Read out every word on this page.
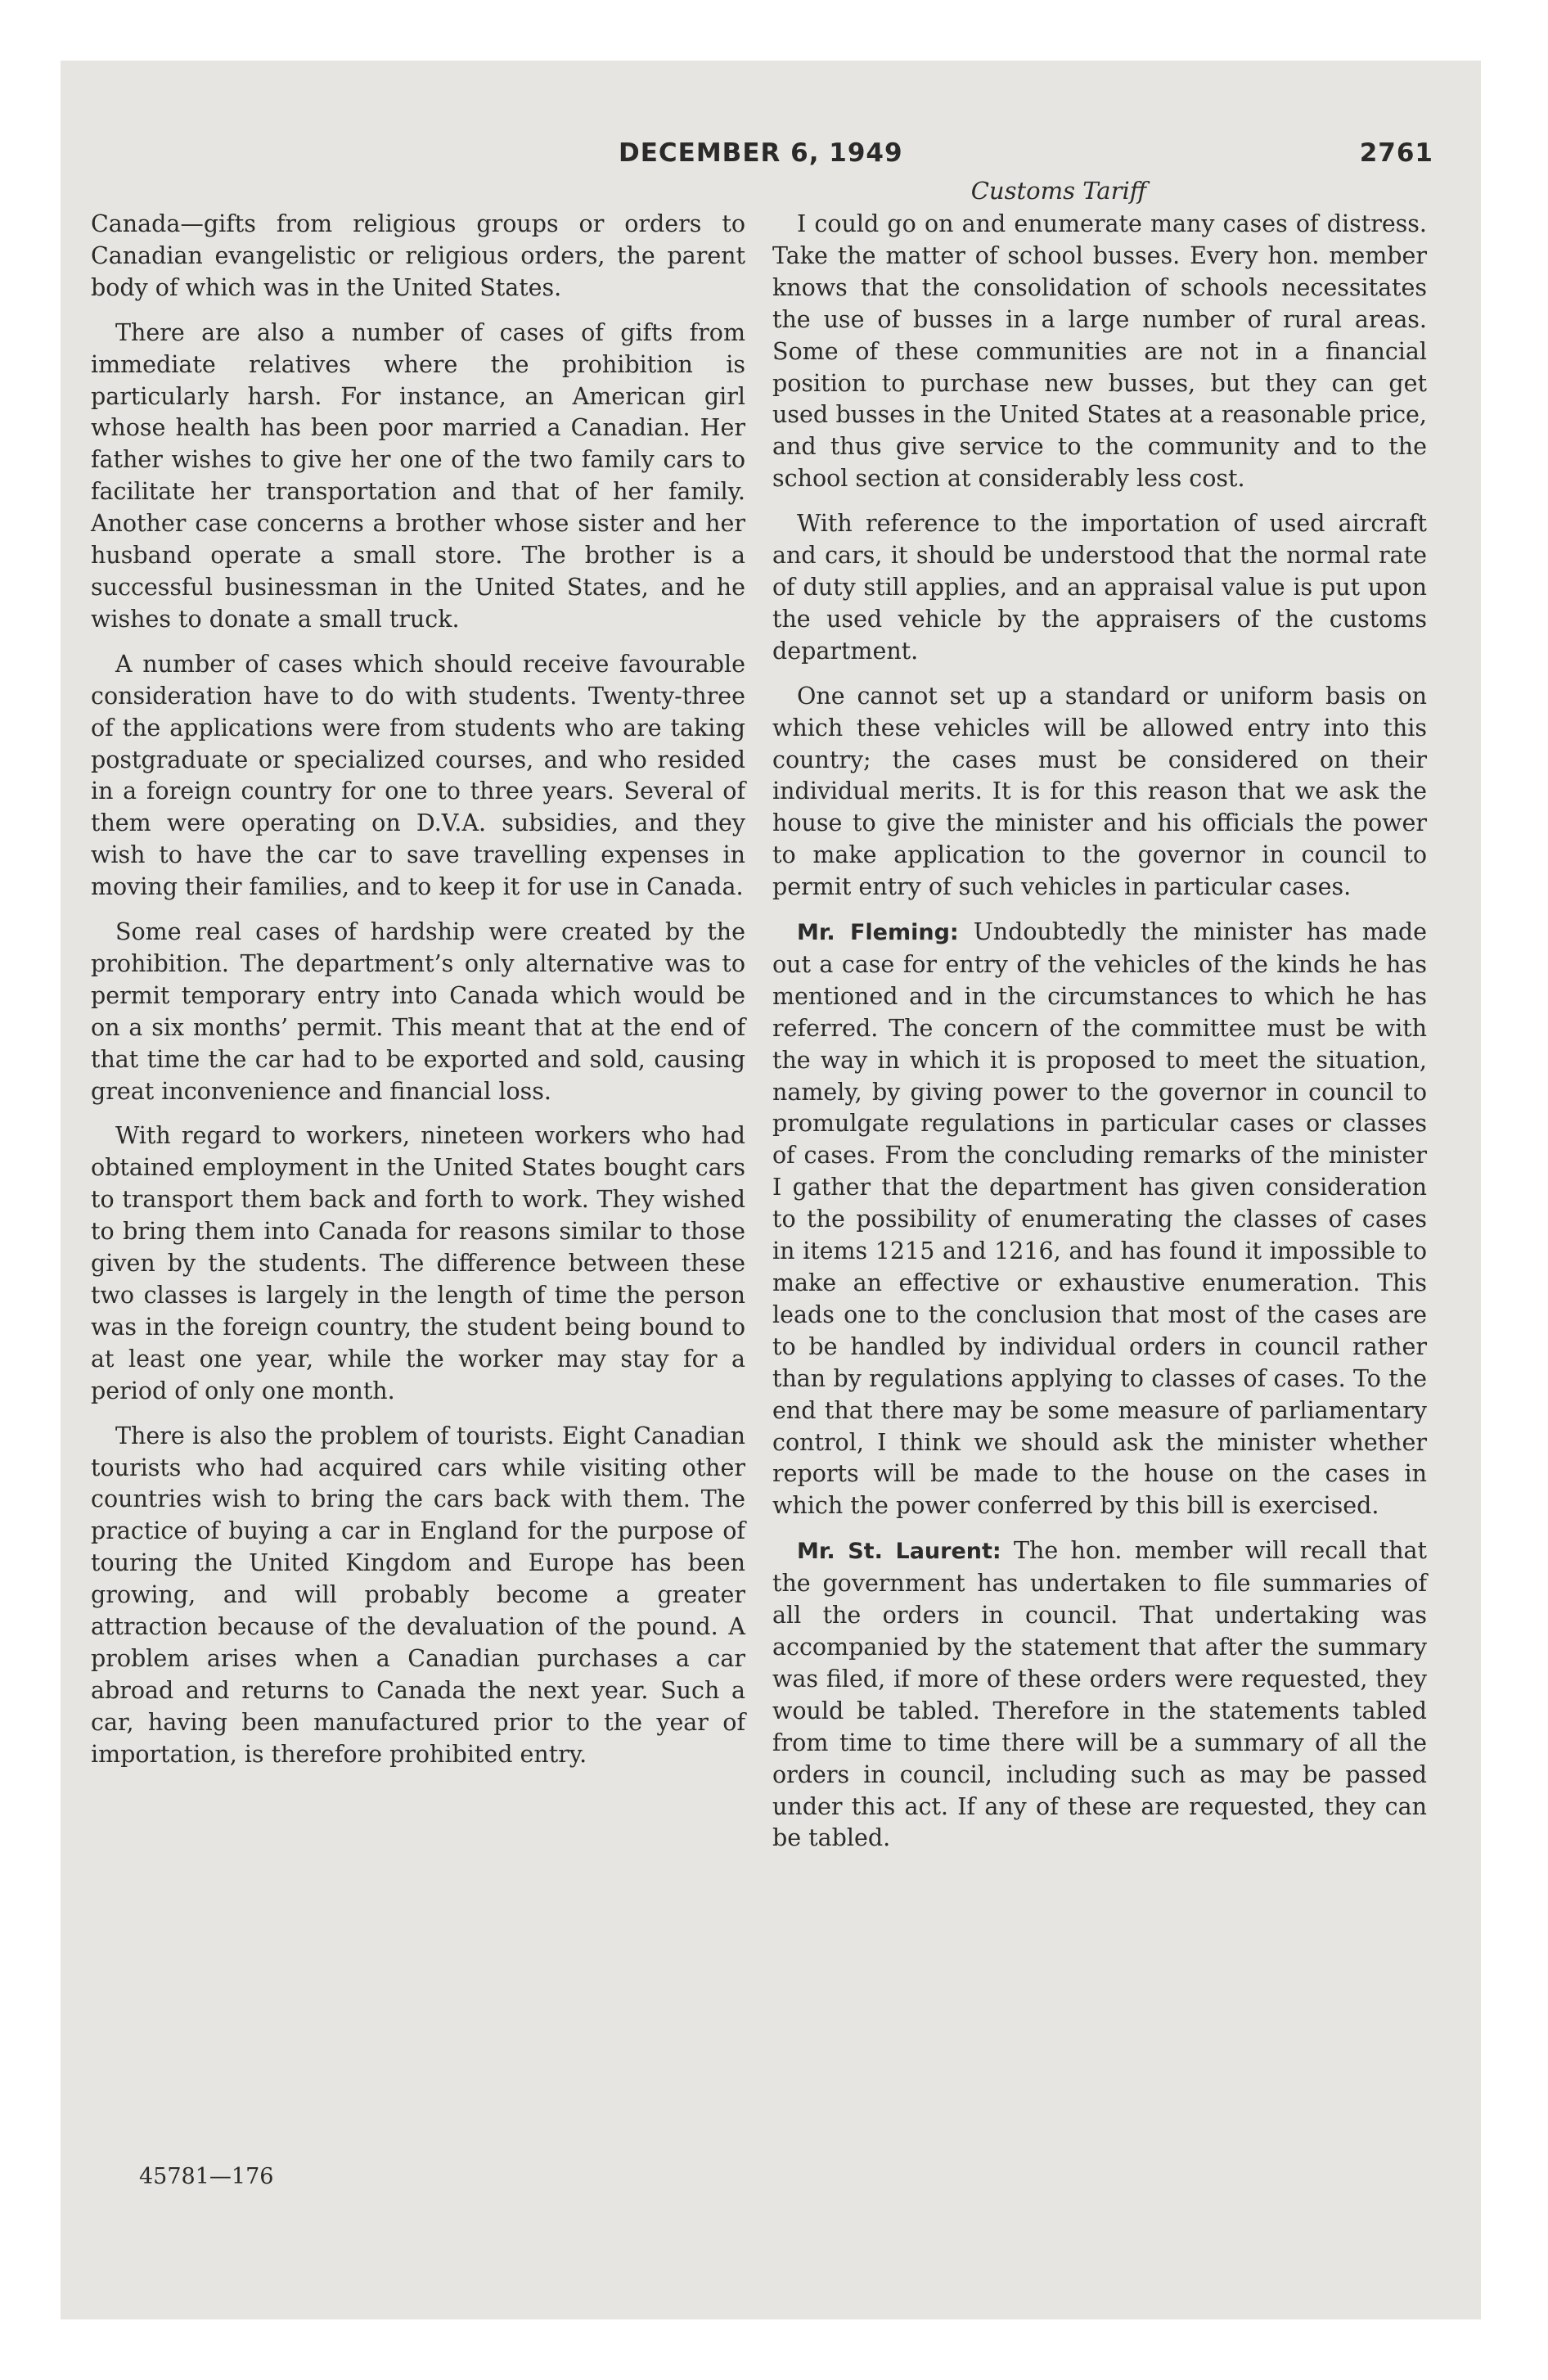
DECEMBER 6, 1949	2761
Customs Tariff

Canada—gifts from religious groups or orders to Canadian evangelistic or religious orders, the parent body of which was in the United States.

There are also a number of cases of gifts from immediate relatives where the prohibition is particularly harsh. For instance, an American girl whose health has been poor married a Canadian. Her father wishes to give her one of the two family cars to facilitate her transportation and that of her family. Another case concerns a brother whose sister and her husband operate a small store. The brother is a successful businessman in the United States, and he wishes to donate a small truck.

A number of cases which should receive favourable consideration have to do with students. Twenty-three of the applications were from students who are taking postgraduate or specialized courses, and who resided in a foreign country for one to three years. Several of them were operating on D.V.A. subsidies, and they wish to have the car to save travelling expenses in moving their families, and to keep it for use in Canada.

Some real cases of hardship were created by the prohibition. The department’s only alternative was to permit temporary entry into Canada which would be on a six months’ permit. This meant that at the end of that time the car had to be exported and sold, causing great inconvenience and financial loss.

With regard to workers, nineteen workers who had obtained employment in the United States bought cars to transport them back and forth to work. They wished to bring them into Canada for reasons similar to those given by the students. The difference between these two classes is largely in the length of time the person was in the foreign country, the student being bound to at least one year, while the worker may stay for a period of only one month.

There is also the problem of tourists. Eight Canadian tourists who had acquired cars while visiting other countries wish to bring the cars back with them. The practice of buying a car in England for the purpose of touring the United Kingdom and Europe has been growing, and will probably become a greater attraction because of the devaluation of the pound. A problem arises when a Canadian purchases a car abroad and returns to Canada the next year. Such a car, having been manufactured prior to the year of importation, is therefore prohibited entry.

I could go on and enumerate many cases of distress. Take the matter of school busses. Every hon. member knows that the consolidation of schools necessitates the use of busses in a large number of rural areas. Some of these communities are not in a financial position to purchase new busses, but they can get used busses in the United States at a reasonable price, and thus give service to the community and to the school section at considerably less cost.

With reference to the importation of used aircraft and cars, it should be understood that the normal rate of duty still applies, and an appraisal value is put upon the used vehicle by the appraisers of the customs department.

One cannot set up a standard or uniform basis on which these vehicles will be allowed entry into this country; the cases must be considered on their individual merits. It is for this reason that we ask the house to give the minister and his officials the power to make application to the governor in council to permit entry of such vehicles in particular cases.

Mr. Fleming: Undoubtedly the minister has made out a case for entry of the vehicles of the kinds he has mentioned and in the circumstances to which he has referred. The concern of the committee must be with the way in which it is proposed to meet the situation, namely, by giving power to the governor in council to promulgate regulations in particular cases or classes of cases. From the concluding remarks of the minister I gather that the department has given consideration to the possibility of enumerating the classes of cases in items 1215 and 1216, and has found it impossible to make an effective or exhaustive enumeration. This leads one to the conclusion that most of the cases are to be handled by individual orders in council rather than by regulations applying to classes of cases. To the end that there may be some measure of parliamentary control, I think we should ask the minister whether reports will be made to the house on the cases in which the power conferred by this bill is exercised.

Mr. St. Laurent: The hon. member will recall that the government has undertaken to file summaries of all the orders in council. That undertaking was accompanied by the statement that after the summary was filed, if more of these orders were requested, they would be tabled. Therefore in the statements tabled from time to time there will be a summary of all the orders in council, including such as may be passed under this act. If any of these are requested, they can be tabled.

45781—176
